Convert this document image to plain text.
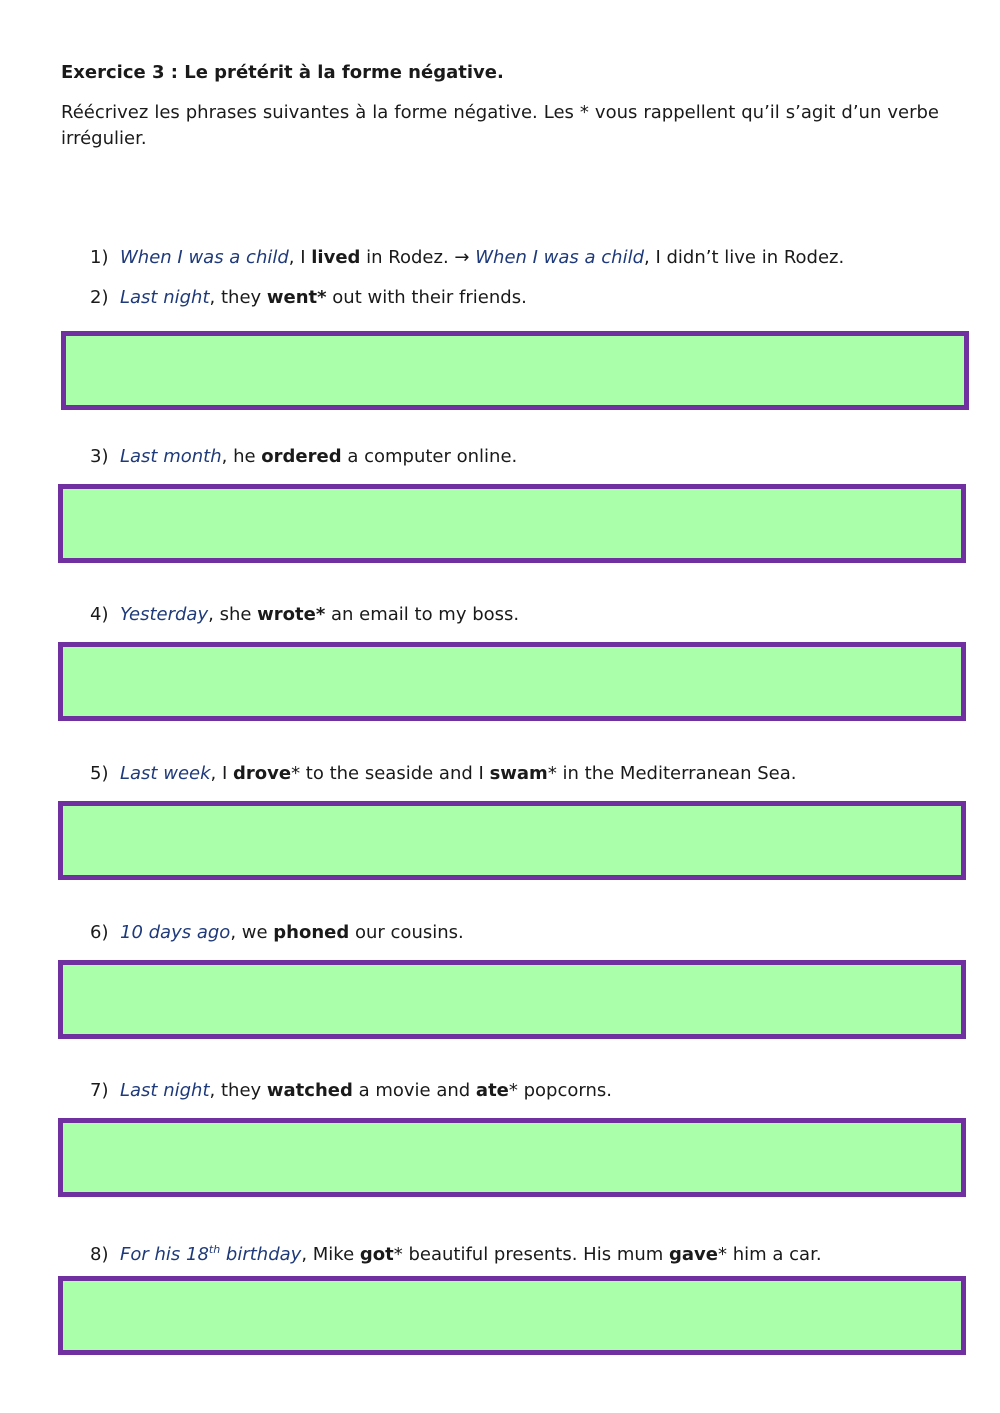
Exercice 3 : Le prétérit à la forme négative.

Réécrivez les phrases suivantes à la forme négative. Les * vous rappellent qu’il s’agit d’un verbe irrégulier.

1) When I was a child, I lived in Rodez. → When I was a child, I didn’t live in Rodez.
2) Last night, they went* out with their friends.
3) Last month, he ordered a computer online.
4) Yesterday, she wrote* an email to my boss.
5) Last week, I drove* to the seaside and I swam* in the Mediterranean Sea.
6) 10 days ago, we phoned our cousins.
7) Last night, they watched a movie and ate* popcorns.
8) For his 18th birthday, Mike got* beautiful presents. His mum gave* him a car.
